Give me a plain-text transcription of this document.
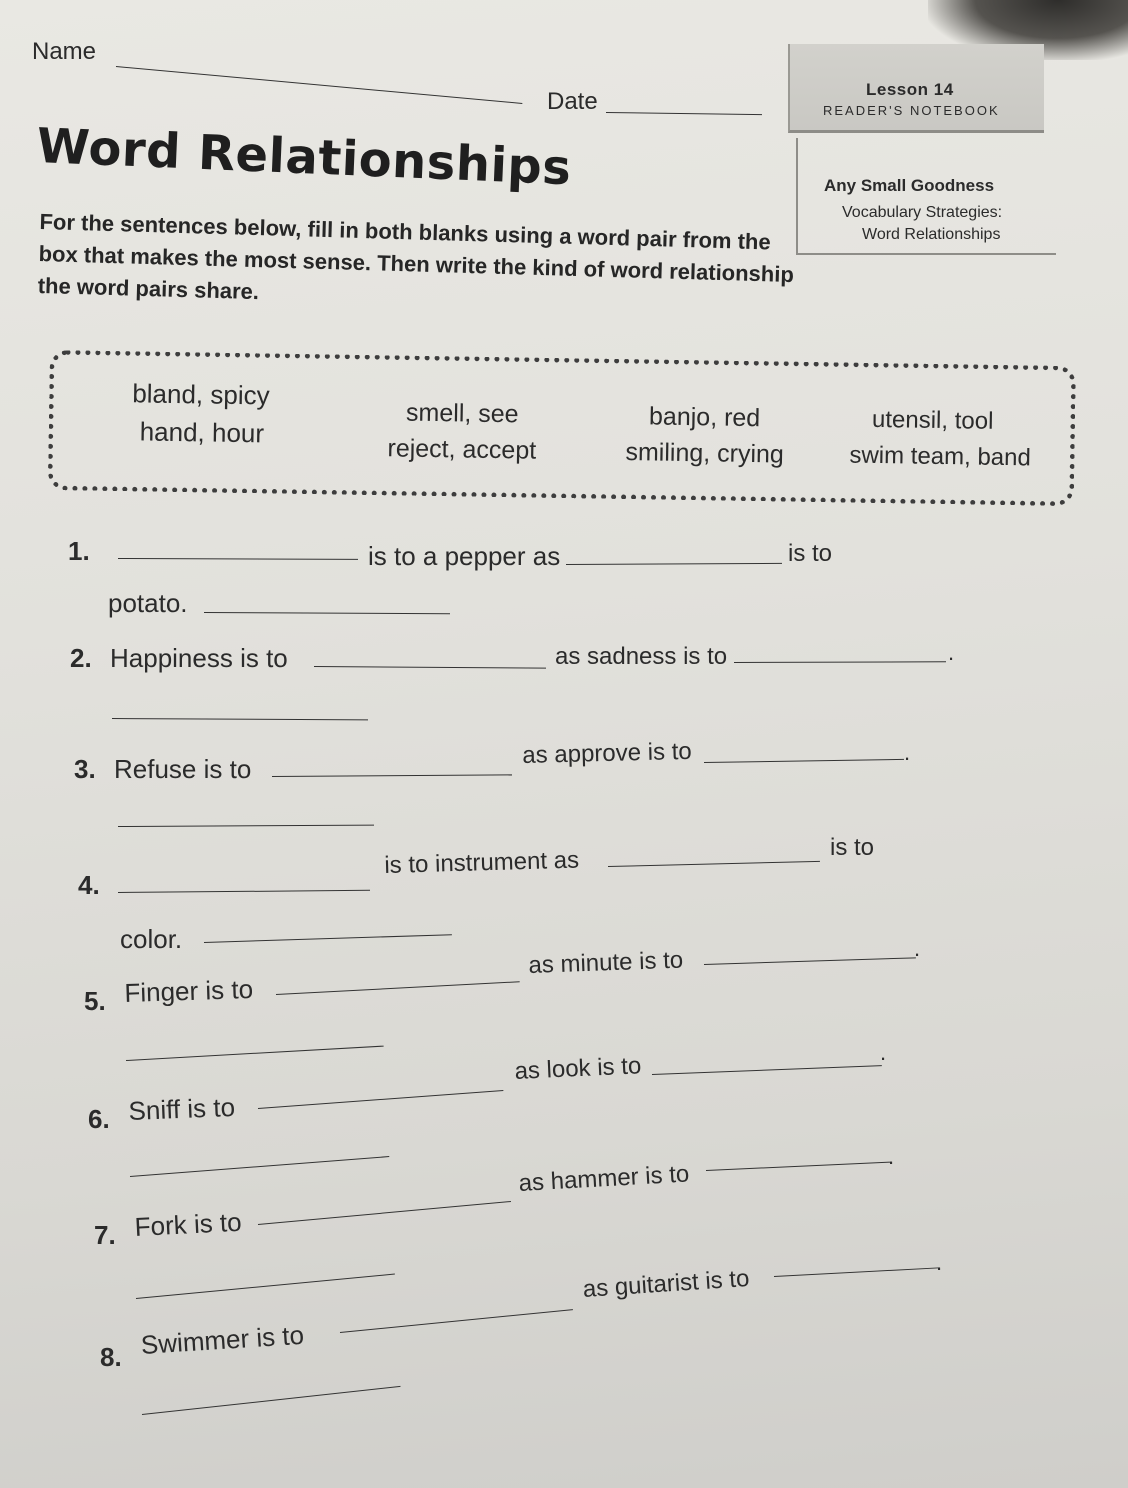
Name
Date	Lesson 14
READER'S NOTEBOOK
Any Small Goodness
Vocabulary Strategies:
Word Relationships
Word Relationships
For the sentences below, fill in both blanks using a word pair from the box that makes the most sense. Then write the kind of word relationship the word pairs share.
bland, spicy
hand, hour
smell, see
reject, accept
banjo, red
smiling, crying
utensil, tool
swim team, band
1.	is to a pepper as	is to
potato.
2. Happiness is to	as sadness is to	.
3. Refuse is to
as approve is to	.
4.
is to instrument as	is to
color.
5. Finger is to
as minute is to	.
6. Sniff is to
as look is to	.
7. Fork is to
as hammer is to
.
8. Swimmer is to
as guitarist is to
.
